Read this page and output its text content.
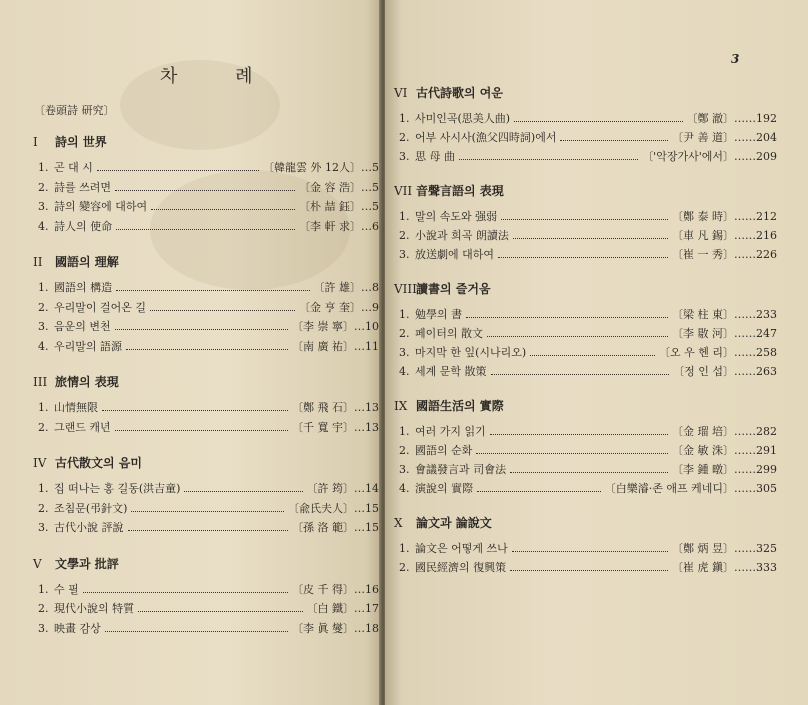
차 례
〔卷頭詩 研究〕
I 詩의 世界
1. 곤 대 시	〔韓龍雲 外 12人〕 …5
2. 詩를 쓰려면	〔金 容 浩〕 …5
3. 詩의 變容에 대하여	〔朴 喆 鈺〕 …5
4. 詩人의 使命	〔李 軒 求〕 …6
II 國語의 理解
1. 國語의 構造	〔許 雄〕 …8
2. 우리말이 걸어온 길	〔金 亨 奎〕 …9
3. 음운의 변천	〔李 崇 寧〕 …10
4. 우리말의 語源	〔南 廣 祐〕 …11
III 旅情의 表現
1. 山情無限	〔鄭 飛 石〕 …13
2. 그랜드 캐년	〔千 寬 宇〕 …13
IV 古代散文의 음미
1. 집 떠나는 홍 길동(洪吉童)	〔許 筠〕 …14
2. 조침문(弔針文)	〔兪氏夫人〕 …15
3. 古代小說 評說	〔孫 洛 範〕 …15
V 文學과 批評
1. 수 필	〔皮 千 得〕 …16
2. 現代小說의 特質	〔白 鐵〕 …17
3. 映畫 감상	〔李 眞 燮〕 …18
3
VI 古代詩歌의 여운
1. 사미인곡(思美人曲)	〔鄭 澈〕 ……192
2. 어부 사시사(漁父四時詞)에서	〔尹 善 道〕 ……204
3. 思 母 曲	〔'악장가사'에서〕 ……209
VII 音聲言語의 表現
1. 말의 속도와 强弱	〔鄭 泰 時〕 ……212
2. 小說과 희곡 朗讀法	〔車 凡 錫〕 ……216
3. 放送劇에 대하여	〔崔 一 秀〕 ……226
VIII讀書의 즐거움
1. 勉學의 書	〔梁 柱 東〕 ……233
2. 페이터의 散文	〔李 敭 河〕 ……247
3. 마지막 한 잎(시나리오)	〔오 우 헨 리〕 ……258
4. 세계 문학 散策	〔정 인 섭〕 ……263
IX 國語生活의 實際
1. 여러 가지 읽기	〔金 瑠 培〕 ……282
2. 國語의 순화	〔金 敏 洙〕 ……291
3. 會議發言과 司會法	〔李 鍾 暾〕 ……299
4. 演說의 實際	〔白樂濬·존 애프 케네디〕 ……305
X 論文과 論說文
1. 論文은 어떻게 쓰나	〔鄭 炳 昱〕 ……325
2. 國民經濟의 復興策	〔崔 虎 鎭〕 ……333
